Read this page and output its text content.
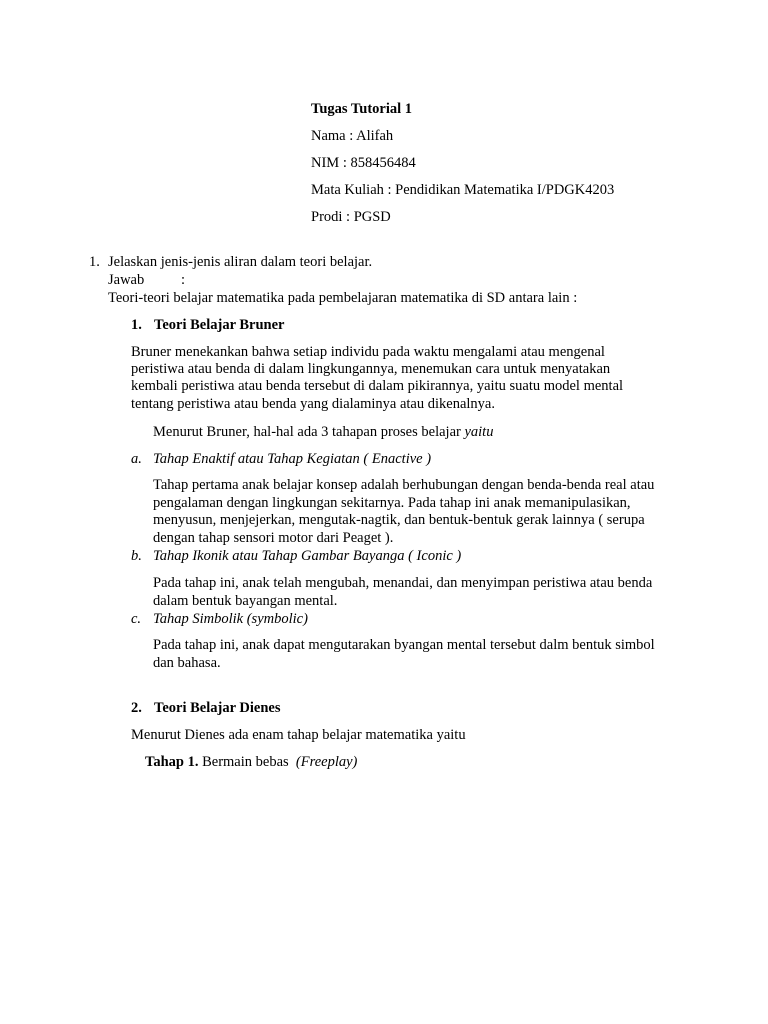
Tugas Tutorial 1
Nama : Alifah
NIM : 858456484
Mata Kuliah : Pendidikan Matematika I/PDGK4203
Prodi : PGSD
1. Jelaskan jenis-jenis aliran dalam teori belajar.
Jawab	:
Teori-teori belajar matematika pada pembelajaran matematika di SD antara lain :
1. Teori Belajar Bruner
Bruner menekankan bahwa setiap individu pada waktu mengalami atau mengenal
peristiwa atau benda di dalam lingkungannya, menemukan cara untuk menyatakan
kembali peristiwa atau benda tersebut di dalam pikirannya, yaitu suatu model mental
tentang peristiwa atau benda yang dialaminya atau dikenalnya.
Menurut Bruner, hal-hal ada 3 tahapan proses belajar yaitu
a. Tahap Enaktif atau Tahap Kegiatan ( Enactive )
Tahap pertama anak belajar konsep adalah berhubungan dengan benda-benda real atau
pengalaman dengan lingkungan sekitarnya. Pada tahap ini anak memanipulasikan,
menyusun, menjejerkan, mengutak-nagtik, dan bentuk-bentuk gerak lainnya ( serupa
dengan tahap sensori motor dari Peaget ).
b. Tahap Ikonik atau Tahap Gambar Bayanga ( Iconic )
Pada tahap ini, anak telah mengubah, menandai, dan menyimpan peristiwa atau benda
dalam bentuk bayangan mental.
c. Tahap Simbolik (symbolic)
Pada tahap ini, anak dapat mengutarakan byangan mental tersebut dalm bentuk simbol
dan bahasa.
2. Teori Belajar Dienes
Menurut Dienes ada enam tahap belajar matematika yaitu
Tahap 1. Bermain bebas  (Freeplay)
